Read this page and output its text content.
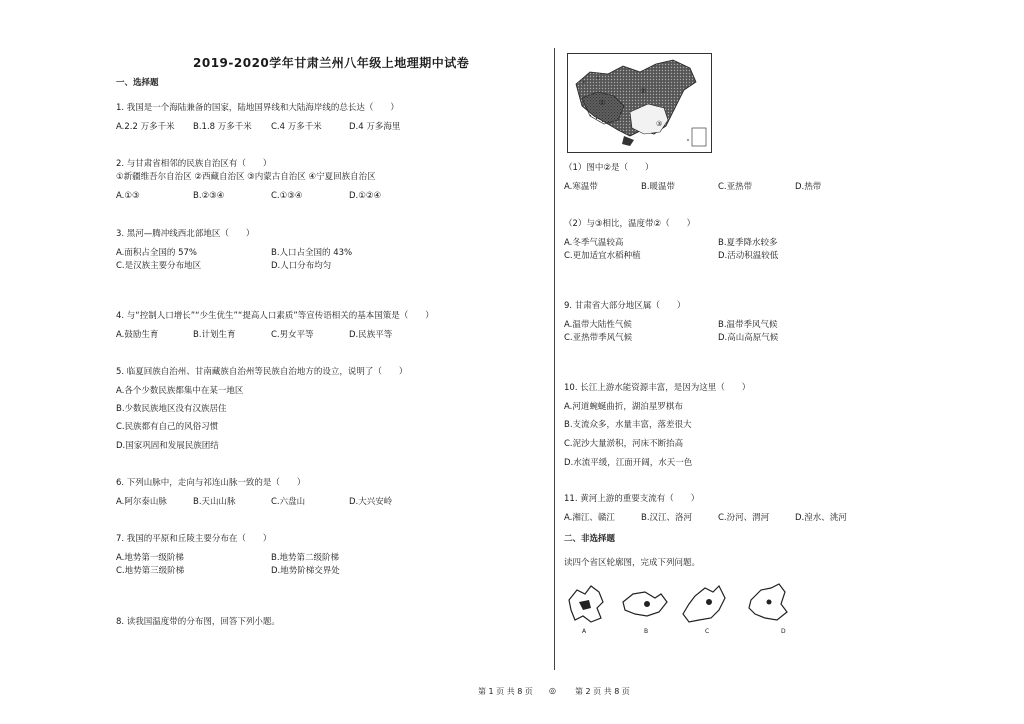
2019-2020学年甘肃兰州八年级上地理期中试卷
一、选择题
1. 我国是一个海陆兼备的国家，陆地国界线和大陆海岸线的总长达（　　）
A.2.2 万多千米 B.1.8 万多千米 C.4 万多千米	D.4 万多海里
2. 与甘肃省相邻的民族自治区有（　　）
①新疆维吾尔自治区 ②西藏自治区 ③内蒙古自治区 ④宁夏回族自治区
A.①③	B.②③④	C.①③④	D.①②④
3. 黑河—腾冲线西北部地区（　　）
A.面积占全国的 57%	B.人口占全国的 43%
C.是汉族主要分布地区	D.人口分布均匀
4. 与“控制人口增长”“少生优生”“提高人口素质”等宣传语相关的基本国策是（　　）
A.鼓励生育	B.计划生育	C.男女平等	D.民族平等
5. 临夏回族自治州、甘南藏族自治州等民族自治地方的设立，说明了（　　）
A.各个少数民族都集中在某一地区
B.少数民族地区没有汉族居住
C.民族都有自己的风俗习惯
D.国家巩固和发展民族团结
6. 下列山脉中，走向与祁连山脉一致的是（　　）
A.阿尔泰山脉	B.天山山脉	C.六盘山	D.大兴安岭
7. 我国的平原和丘陵主要分布在（　　）
A.地势第一级阶梯	B.地势第二级阶梯
C.地势第三级阶梯	D.地势阶梯交界处
8. 读我国温度带的分布图，回答下列小题。
①
②
③
（1）图中②是（　　）
A.寒温带	B.暖温带	C.亚热带	D.热带
（2）与③相比，温度带②（　　）
A.冬季气温较高	B.夏季降水较多
C.更加适宜水稻种植	D.活动积温较低
9. 甘肃省大部分地区属（　　）
A.温带大陆性气候	B.温带季风气候
C.亚热带季风气候	D.高山高原气候
10. 长江上游水能资源丰富，是因为这里（　　）
A.河道蜿蜒曲折，湖泊星罗棋布
B.支流众多，水量丰富，落差很大
C.泥沙大量淤积，河床不断抬高
D.水流平缓，江面开阔，水天一色
11. 黄河上游的重要支流有（　　）
A.湘江、赣江	B.汉江、洛河	C.汾河、渭河	D.湟水、洮河
二、非选择题
读四个省区轮廓图，完成下列问题。
A	B	C	D
第 1 页 共 8 页 ◎ 第 2 页 共 8 页
